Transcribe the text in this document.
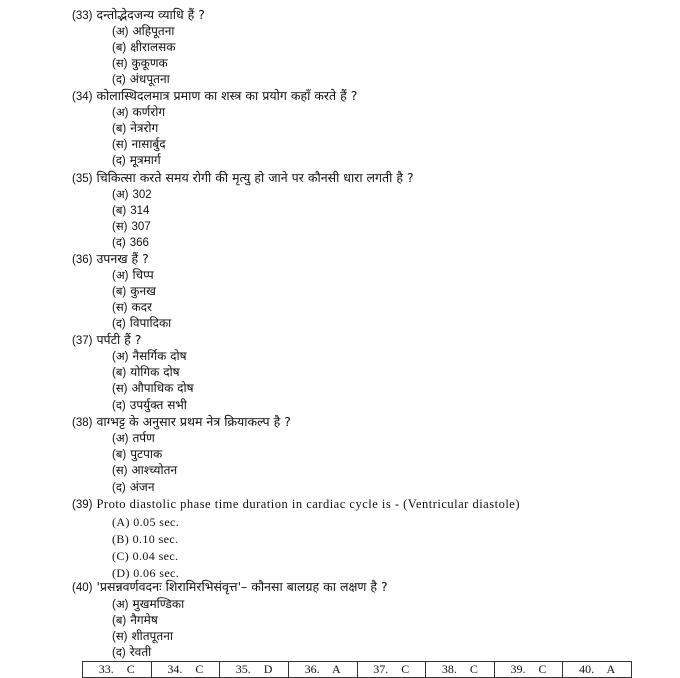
(33) दन्तोद्भेदजन्य व्याधि हैं ?
(अ) अहिपूतना
(ब) क्षीरालसक
(स) कुकूणक
(द) अंधपूतना
(34) कोलास्थिदलमात्र प्रमाण का शस्त्र का प्रयोग कहाँ करते हैं ?
(अ) कर्णरोग
(ब) नेत्ररोग
(स) नासार्बुद
(द) मूत्रमार्ग
(35) चिकित्सा करते समय रोगी की मृत्यु हो जाने पर कौनसी धारा लगती है ?
(अ) 302
(ब) 314
(स) 307
(द) 366
(36) उपनख हैं ?
(अ) चिप्प
(ब) कुनख
(स) कदर
(द) विपादिका
(37) पर्पटी हैं ?
(अ) नैसर्गिक दोष
(ब) योगिक दोष
(स) औपाधिक दोष
(द) उपर्युक्त सभी
(38) वाग्भट्ट के अनुसार प्रथम नेत्र क्रियाकल्प है ?
(अ) तर्पण
(ब) पुटपाक
(स) आश्च्योतन
(द) अंजन
(39) Proto diastolic phase time duration in cardiac cycle is - (Ventricular diastole)
(A) 0.05 sec.
(B) 0.10 sec.
(C) 0.04 sec.
(D) 0.06 sec.
(40) 'प्रसन्नवर्णवदनः शिरामिरभिसंवृत्त'– कौनसा बालग्रह का लक्षण है ?
(अ) मुखमण्डिका
(ब) नैगमेष
(स) शीतपूतना
(द) रेवती
33. C	34. C	35. D	36. A	37. C	38. C	39. C	40. A
